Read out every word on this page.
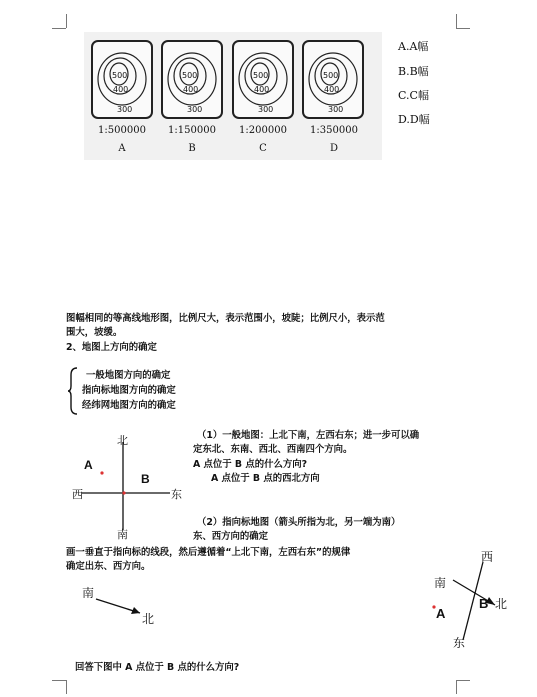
500
400
300
500
400
300
500
400
300
500
400
300
1:500000	1:150000	1:200000	1:350000
A	B	C	D
A.A幅
B.B幅
C.C幅
D.D幅
图幅相同的等高线地形图，比例尺大，表示范围小，坡陡；比例尺小，表示范
围大，坡缓。
2、地图上方向的确定
一般地图方向的确定
指向标地图方向的确定
经纬网地图方向的确定
北
南
西	东
A
B
（1）一般地图：上北下南，左西右东；进一步可以确
定东北、东南、西北、西南四个方向。
A 点位于 B 点的什么方向?
A 点位于 B 点的西北方向
（2）指向标地图（箭头所指为北，另一端为南）
东、西方向的确定
画一垂直于指向标的线段，然后遵循着“上北下南，左西右东”的规律
确定出东、西方向。
南
北
西
南
北
东
A
B
回答下图中 A 点位于 B 点的什么方向?
